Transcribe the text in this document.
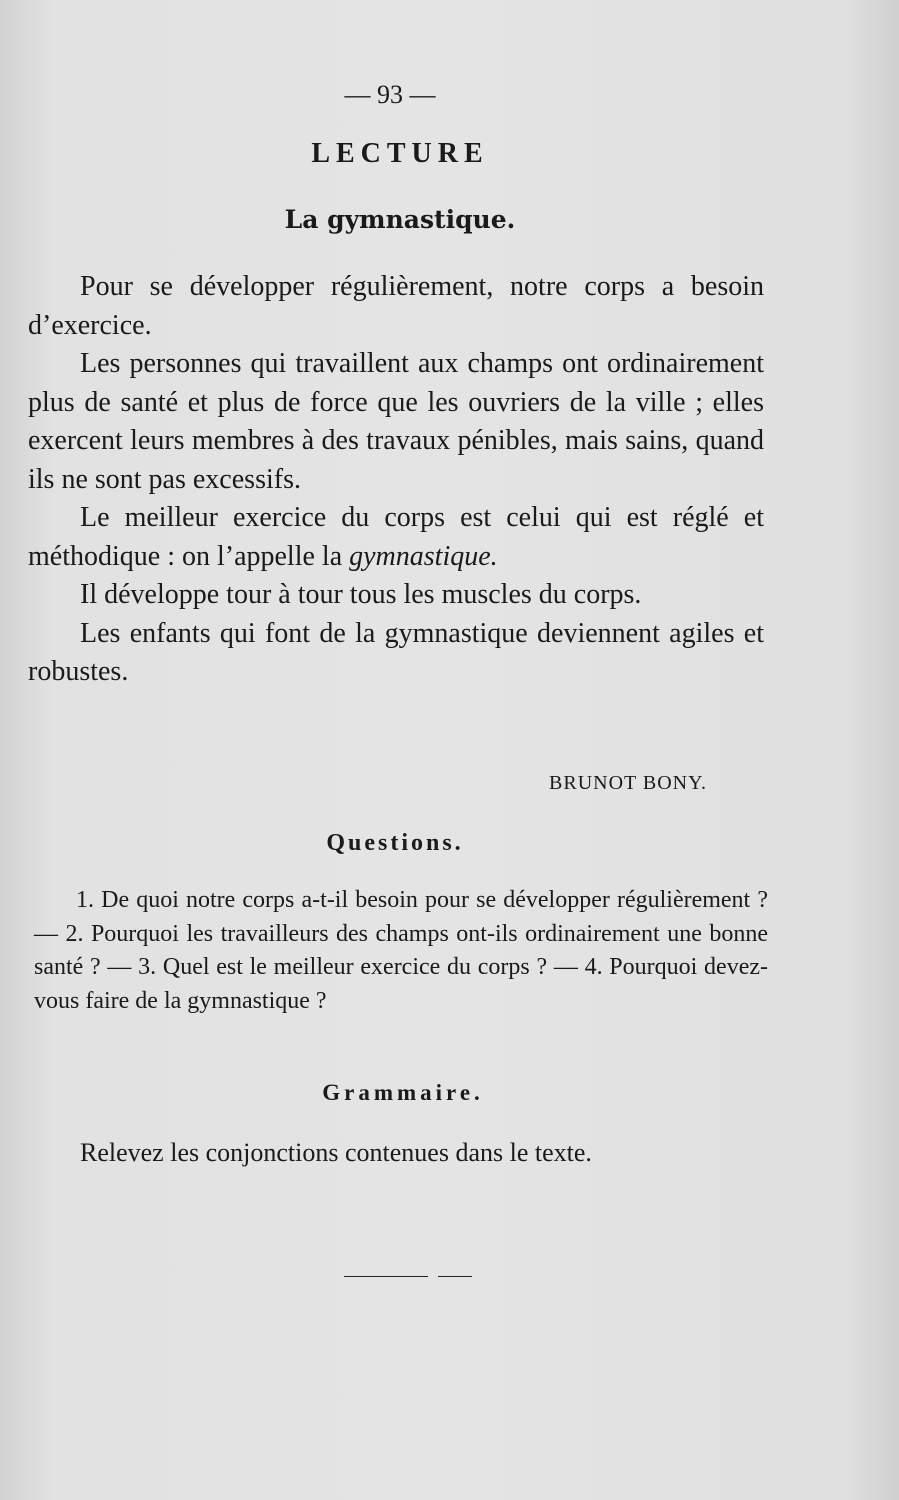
— 93 —
LECTURE
La gymnastique.

Pour se développer régulièrement, notre corps a besoin d’exercice.

Les personnes qui travaillent aux champs ont ordinairement plus de santé et plus de force que les ouvriers de la ville ; elles exercent leurs membres à des travaux pénibles, mais sains, quand ils ne sont pas excessifs.

Le meilleur exercice du corps est celui qui est réglé et méthodique : on l’appelle la gymnastique.

Il développe tour à tour tous les muscles du corps.

Les enfants qui font de la gymnastique deviennent agiles et robustes.

BRUNOT BONY.
Questions.

1. De quoi notre corps a-t-il besoin pour se développer régulièrement ? — 2. Pourquoi les travailleurs des champs ont-ils ordinairement une bonne santé ? — 3. Quel est le meilleur exercice du corps ? — 4. Pourquoi devez-vous faire de la gymnastique ?

Grammaire.
Relevez les conjonctions contenues dans le texte.
